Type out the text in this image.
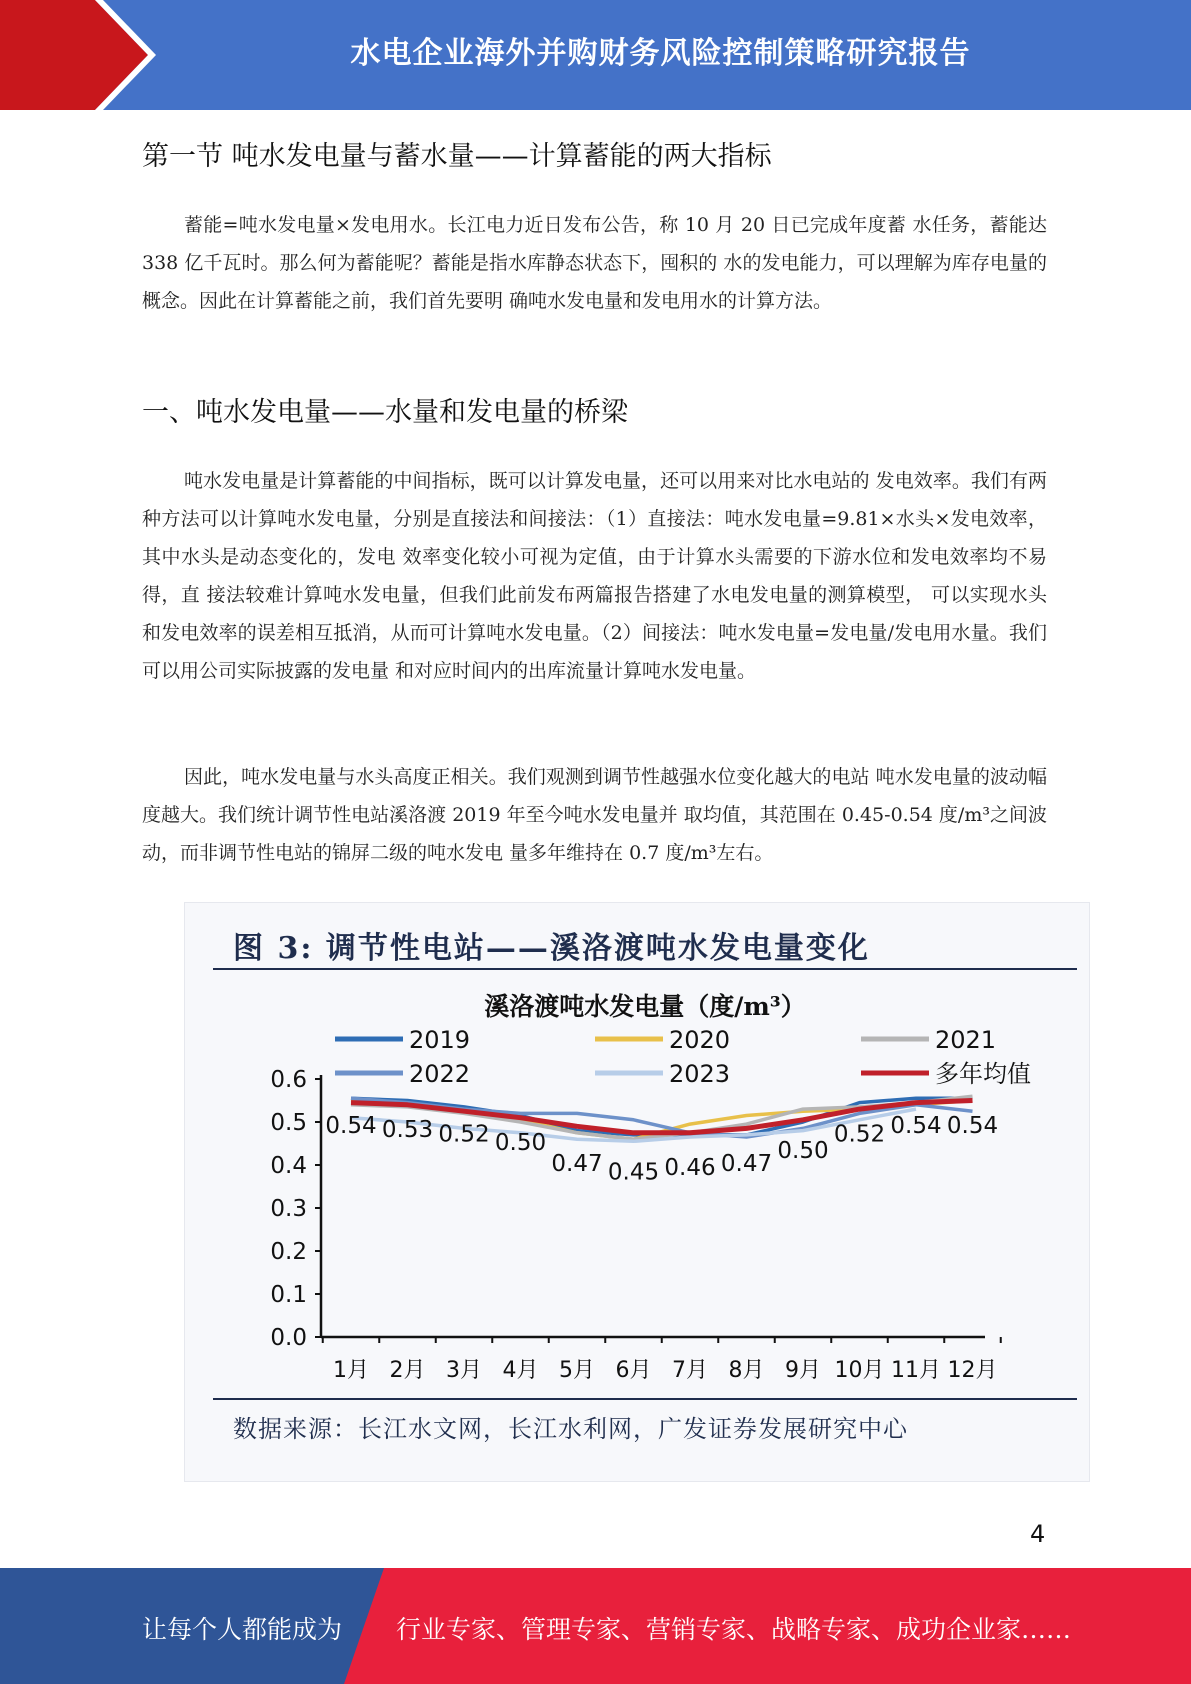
水电企业海外并购财务风险控制策略研究报告
第一节 吨水发电量与蓄水量——计算蓄能的两大指标
蓄能=吨水发电量×发电用水。长江电力近日发布公告，称 10 月 20 日已完成年度蓄 水任务，蓄能达 338 亿千瓦时。那么何为蓄能呢？蓄能是指水库静态状态下，囤积的 水的发电能力，可以理解为库存电量的概念。因此在计算蓄能之前，我们首先要明 确吨水发电量和发电用水的计算方法。
一、吨水发电量——水量和发电量的桥梁
吨水发电量是计算蓄能的中间指标，既可以计算发电量，还可以用来对比水电站的 发电效率。我们有两种方法可以计算吨水发电量，分别是直接法和间接法：（1）直接法：吨水发电量=9.81×水头×发电效率，其中水头是动态变化的，发电 效率变化较小可视为定值，由于计算水头需要的下游水位和发电效率均不易得，直 接法较难计算吨水发电量，但我们此前发布两篇报告搭建了水电发电量的测算模型， 可以实现水头和发电效率的误差相互抵消，从而可计算吨水发电量。（2）间接法：吨水发电量=发电量/发电用水量。我们可以用公司实际披露的发电量 和对应时间内的出库流量计算吨水发电量。
因此，吨水发电量与水头高度正相关。我们观测到调节性越强水位变化越大的电站 吨水发电量的波动幅度越大。我们统计调节性电站溪洛渡 2019 年至今吨水发电量并 取均值，其范围在 0.45-0.54 度/m³之间波动，而非调节性电站的锦屏二级的吨水发电 量多年维持在 0.7 度/m³左右。
图 3: 调节性电站——溪洛渡吨水发电量变化
溪洛渡吨水发电量（度/m³）
2019	2020	2021
2022	2023	多年均值
0.0
0.1
0.2
0.3
0.4
0.5
0.6
1月 2月 3月 4月 5月 6月 7月 8月 9月 10月 11月 12月
0.54 0.53 0.52 0.50
0.47 0.45 0.46 0.47 0.50
0.52 0.54 0.54
数据来源：长江水文网，长江水利网，广发证券发展研究中心
4
让每个人都能成为 行业专家、管理专家、营销专家、战略专家、成功企业家……
